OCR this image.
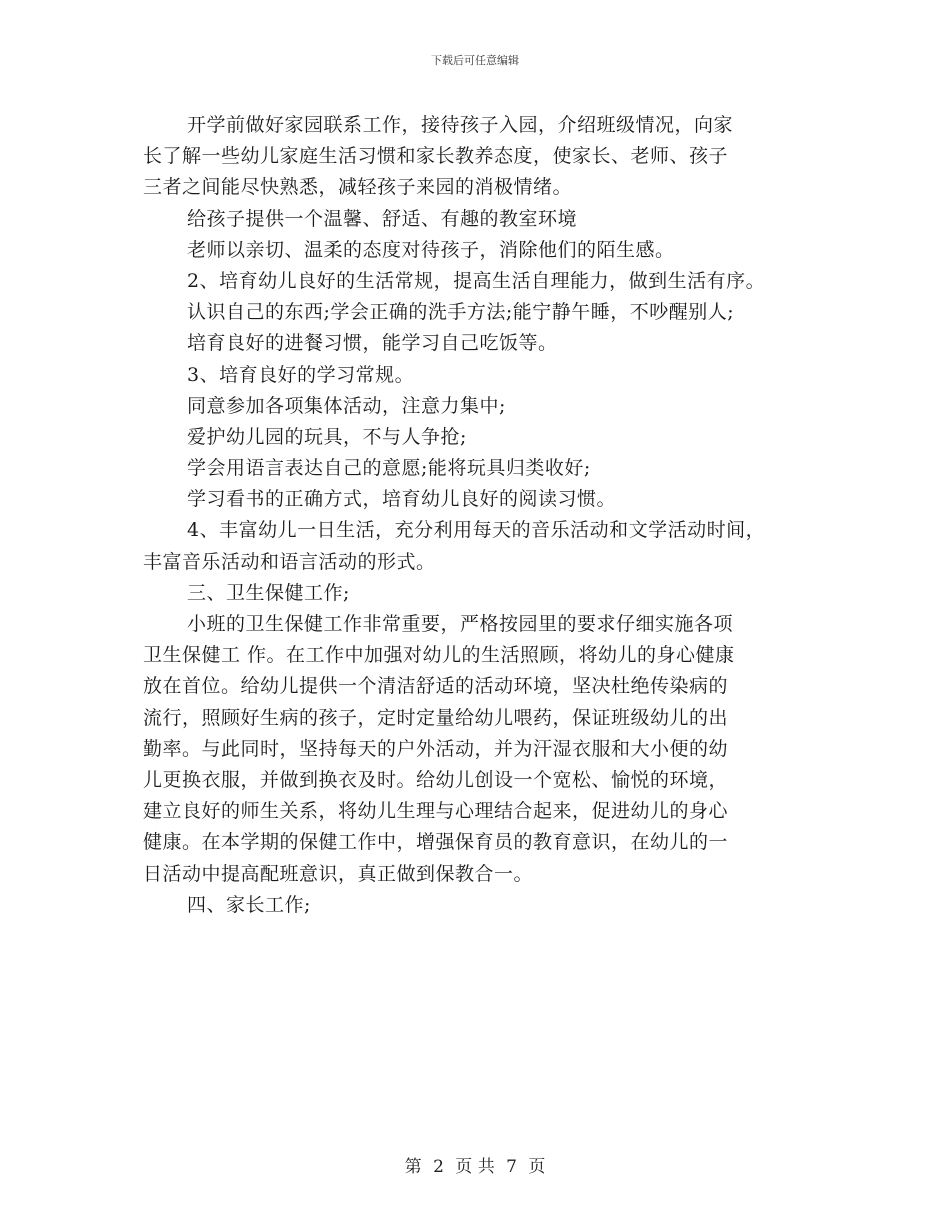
下载后可任意编辑
开学前做好家园联系工作，接待孩子入园，介绍班级情况，向家
长了解一些幼儿家庭生活习惯和家长教养态度，使家长、老师、孩子
三者之间能尽快熟悉，减轻孩子来园的消极情绪。
给孩子提供一个温馨、舒适、有趣的教室环境
老师以亲切、温柔的态度对待孩子，消除他们的陌生感。
2、培育幼儿良好的生活常规，提高生活自理能力，做到生活有序。
认识自己的东西;学会正确的洗手方法;能宁静午睡，不吵醒别人;
培育良好的进餐习惯，能学习自己吃饭等。
3、培育良好的学习常规。
同意参加各项集体活动，注意力集中;
爱护幼儿园的玩具，不与人争抢;
学会用语言表达自己的意愿;能将玩具归类收好;
学习看书的正确方式，培育幼儿良好的阅读习惯。
4、丰富幼儿一日生活，充分利用每天的音乐活动和文学活动时间，
丰富音乐活动和语言活动的形式。
三、卫生保健工作;
小班的卫生保健工作非常重要，严格按园里的要求仔细实施各项
卫生保健工 作。在工作中加强对幼儿的生活照顾，将幼儿的身心健康
放在首位。给幼儿提供一个清洁舒适的活动环境，坚决杜绝传染病的
流行，照顾好生病的孩子，定时定量给幼儿喂药，保证班级幼儿的出
勤率。与此同时，坚持每天的户外活动，并为汗湿衣服和大小便的幼
儿更换衣服，并做到换衣及时。给幼儿创设一个宽松、愉悦的环境，
建立良好的师生关系，将幼儿生理与心理结合起来，促进幼儿的身心
健康。在本学期的保健工作中，增强保育员的教育意识，在幼儿的一
日活动中提高配班意识，真正做到保教合一。
四、家长工作;
第 2 页 共 7 页
